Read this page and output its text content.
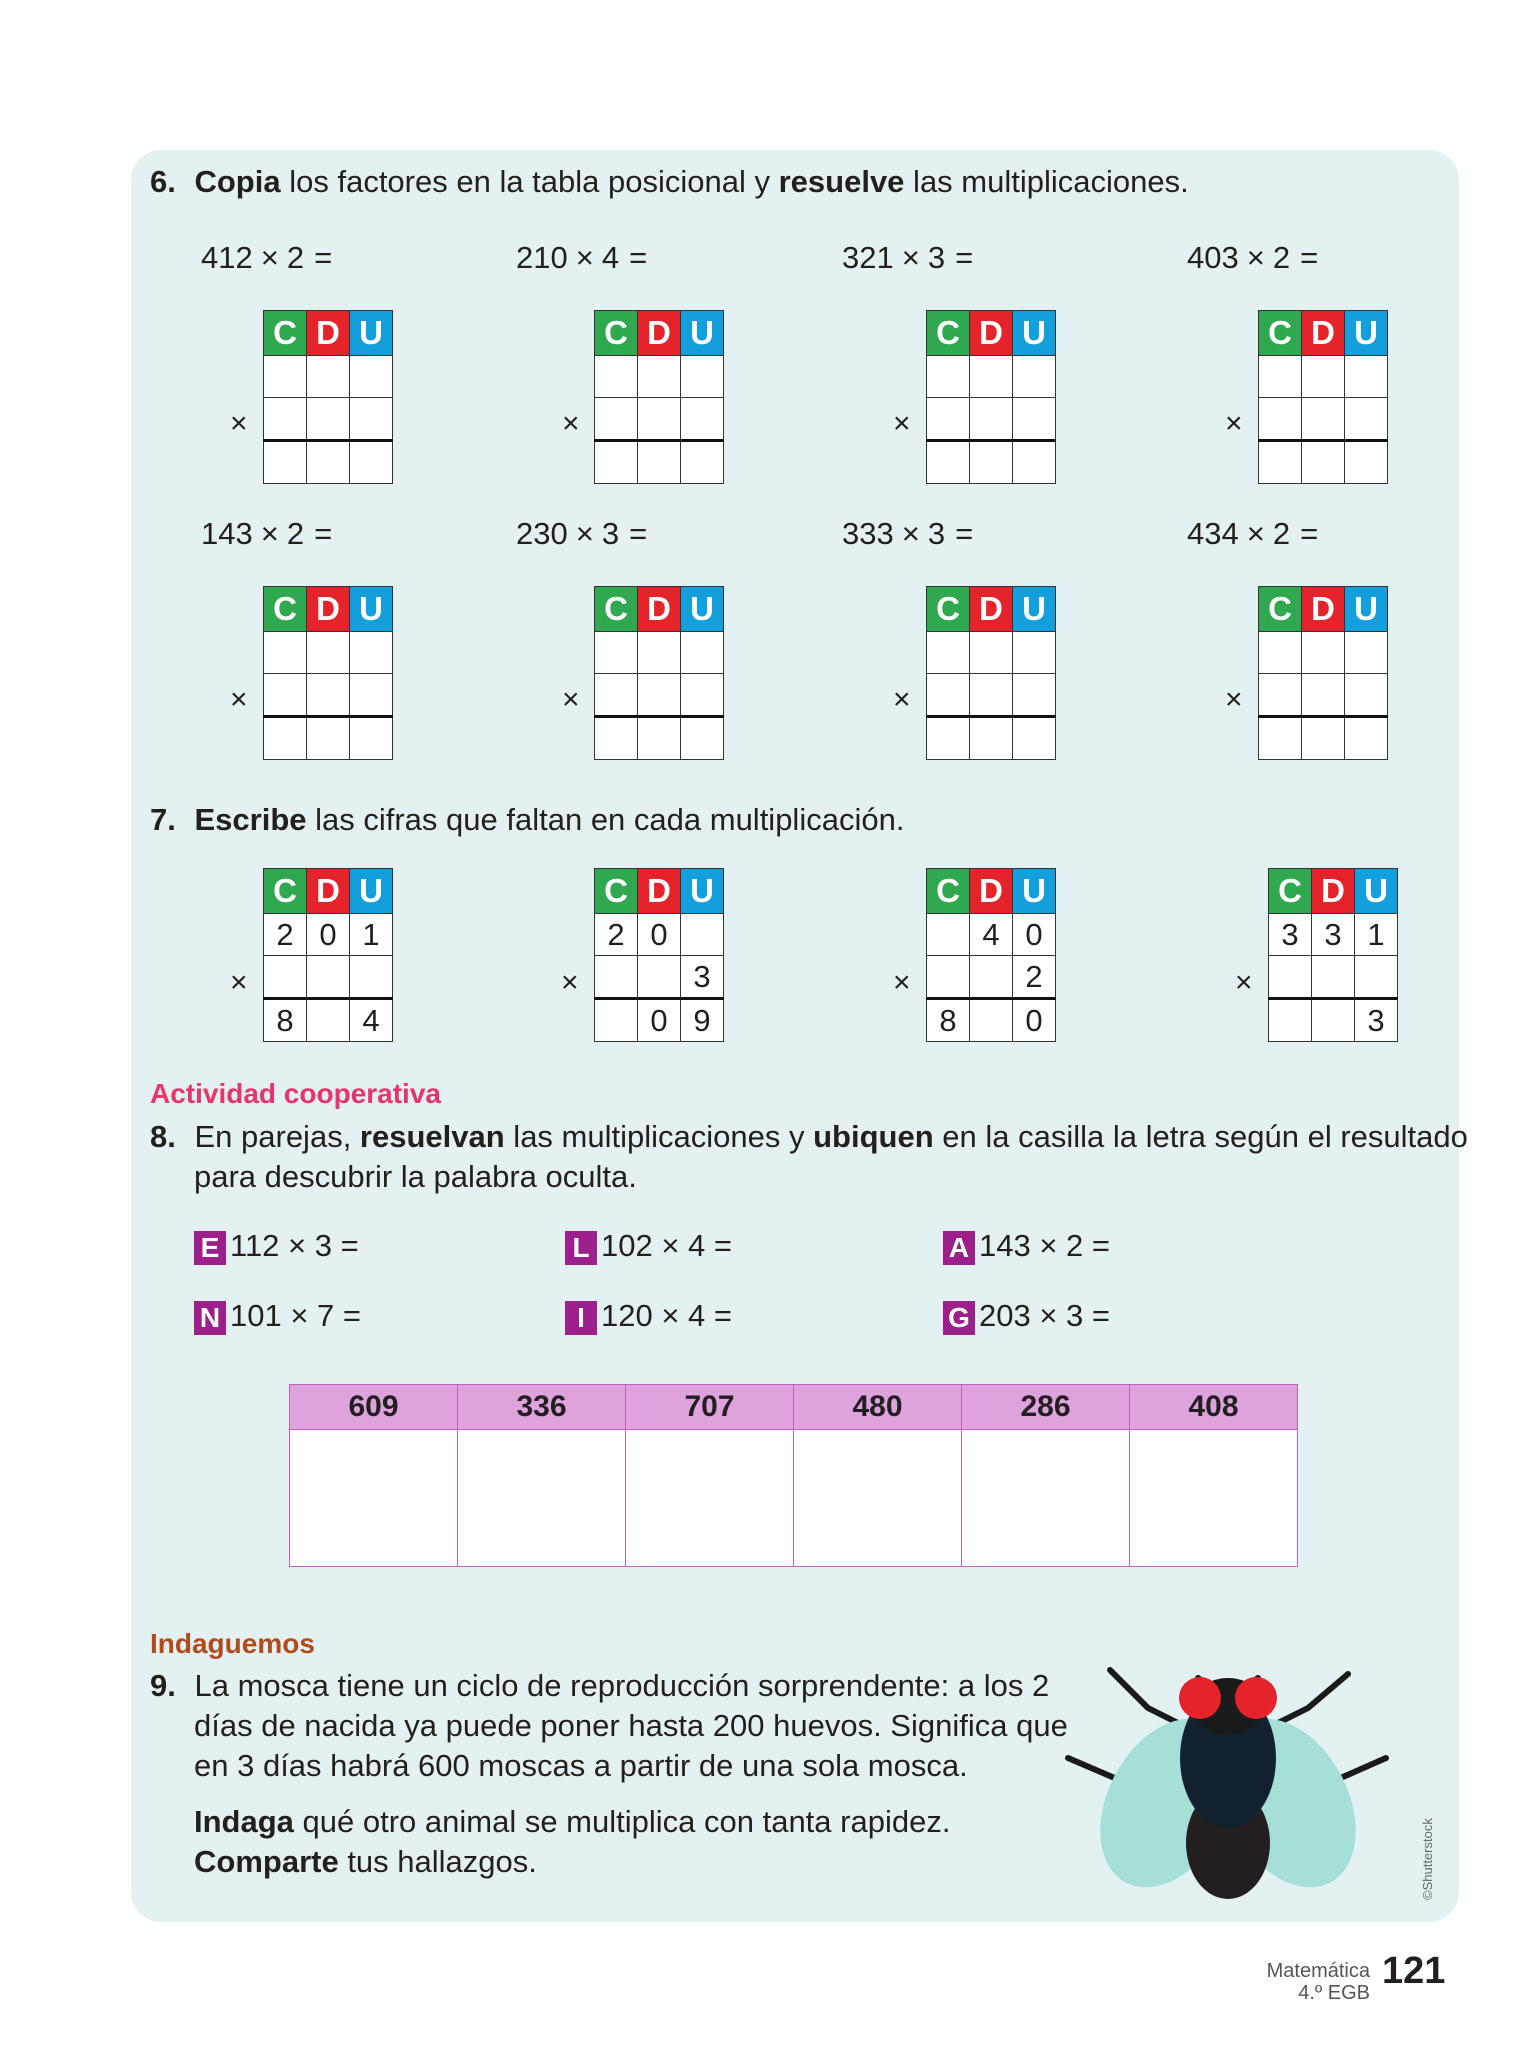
6. Copia los factores en la tabla posicional y resuelve las multiplicaciones.
412 × 2 =
C	D	U

×
210 × 4 =
C	D	U

×
321 × 3 =
C	D	U

×
403 × 2 =
C	D	U

×
143 × 2 =
C	D	U

×
230 × 3 =
C	D	U

×
333 × 3 =
C	D	U

×
434 × 2 =
C	D	U

×
7. Escribe las cifras que faltan en cada multiplicación.
C	D	U
2	0	1

8		4
×
C	D	U
2	0	
		3
	0	9
×
C	D	U
	4	0
		2
8		0
×
C	D	U
3	3	1

		3
×
Actividad cooperativa
8. En parejas, resuelvan las multiplicaciones y ubiquen en la casilla la letra según el resultado
para descubrir la palabra oculta.
E 112 × 3 =	L 102 × 4 =	A 143 × 2 =
N 101 × 7 =	I 120 × 4 =	G 203 × 3 =
609	336	707	480	286	408

Indaguemos
9. La mosca tiene un ciclo de reproducción sorprendente: a los 2
días de nacida ya puede poner hasta 200 huevos. Significa que
en 3 días habrá 600 moscas a partir de una sola mosca.
Indaga qué otro animal se multiplica con tanta rapidez.
Comparte tus hallazgos.	©Shutterstock
Matemática
4.º EGB
121
